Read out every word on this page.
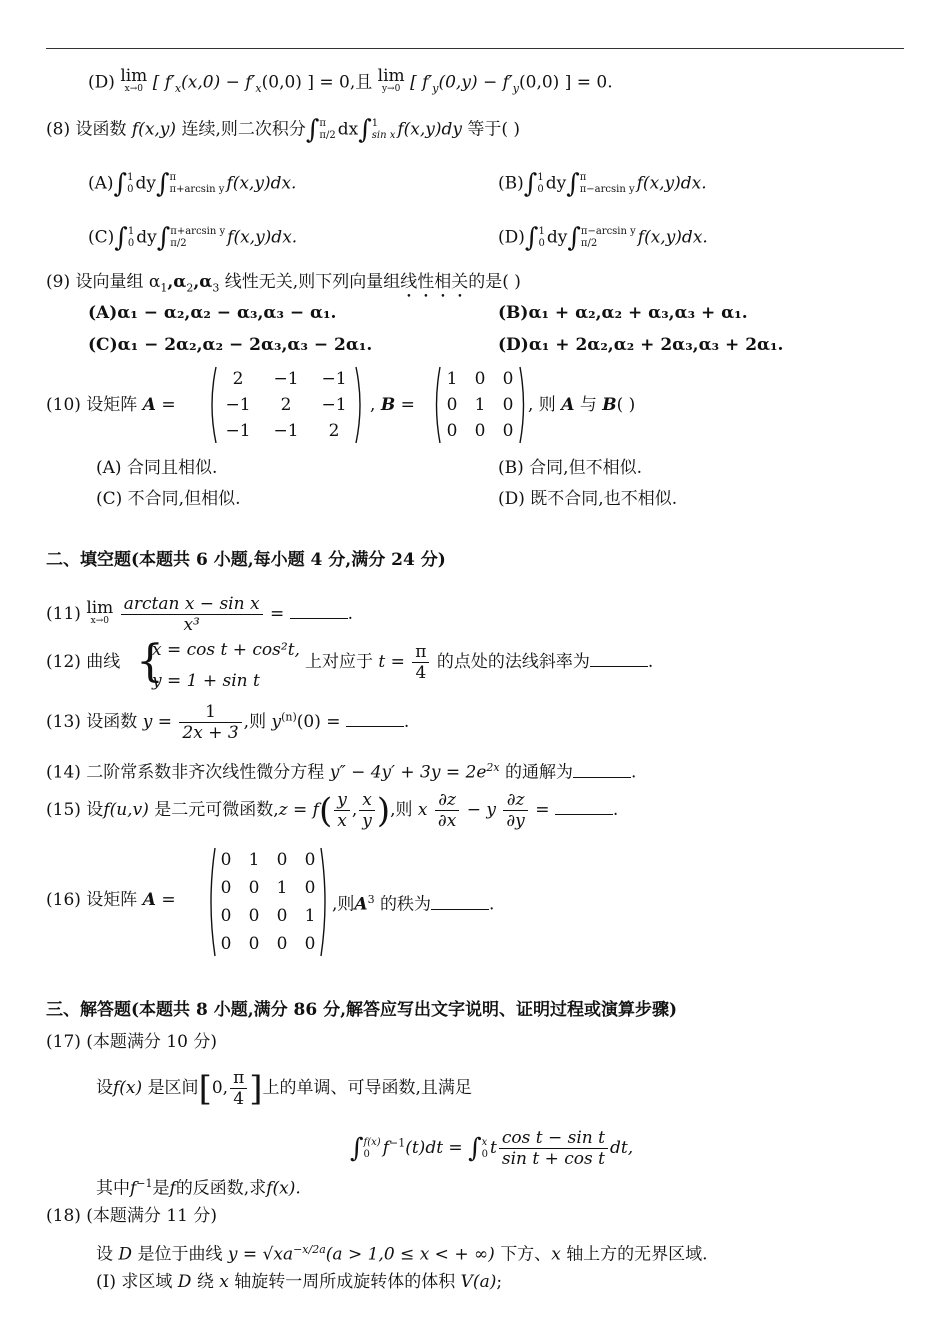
(D) lim
x→0 [ $f'_x(x,0) - f'_x(0,0)$ ] = 0,且 lim
y→0 [ $f'_y(0,y) - f'_y(0,0)$ ] = 0.
(8) 设函数 f(x,y) 连续,则二次积分∫π
π/2 dx∫1
sin x f(x,y)dy 等于( )
(A)∫1
0 dy∫π
π+arcsin y f(x,y)dx.	(B)∫1
0 dy∫π
π−arcsin y f(x,y)dx.
(C)∫1
0 dy∫π+arcsin y
π/2 f(x,y)dx.	(D)∫1
0 dy∫π−arcsin y
π/2 f(x,y)dx.
(9) 设向量组 $\alpha_1,\alpha_2,\alpha_3$ 线性无关,则下列向量组线性相关的是( )
(A)α₁ − α₂,α₂ − α₃,α₃ − α₁.	(B)α₁ + α₂,α₂ + α₃,α₃ + α₁.
(C)α₁ − 2α₂,α₂ − 2α₃,α₃ − 2α₁.	(D)α₁ + 2α₂,α₂ + 2α₃,α₃ + 2α₁.
(10) 设矩阵 A =
2	−1	−1
−1	2	−1
−1	−1	2
, B =
1	0	0
0	1	0
0	0	0
, 则 A 与 B( )
(A) 合同且相似.	(B) 合同,但不相似.
(C) 不合同,但相似.	(D) 既不合同,也不相似.
二、填空题(本题共 6 小题,每小题 4 分,满分 24 分)
(11) lim
x→0
$\frac{\text{arctan x − sin x}}{\text{x³}}$ =	.
(12) 曲线 {
x = cos t + cos²t,
y = 1 + sin t
上对应于 $t = \frac{\pi}{4}$ 的点处的法线斜率为	.
(13) 设函数 $y = \frac{1}{2x + 3}$ ,则 $y^{(n)}(0)$ =	.
(14) 二阶常系数非齐次线性微分方程 $y'' - 4y' + 3y = 2e^{2x}$ 的通解为	.
(15) 设f(u,v) 是二元可微函数$,z = f( \frac{y}{x}$ , $\frac{x}{y}$ ),则 x $\frac{\partial z}{\partial x} - y \frac{\partial z}{\partial y}$ =	.
(16) 设矩阵 A =
0	1	0	0
0	0	1	0
0	0	0	1
0	0	0	0
,则$A^3$ 的秩为	.
三、解答题(本题共 8 小题,满分 86 分,解答应写出文字说明、证明过程或演算步骤)
(17) (本题满分 10 分)
设f(x) 是区间[0, $\frac{\pi}{4}$ ]上的单调、可导函数,且满足
∫f(x)
0 $f^{-1}(t)dt = \int x$
0 t $\frac{\text{cos t − sin t}}{\text{sin t + cos t}}$ dt,
其中$f^{-1}$是f的反函数,求f(x).
(18) (本题满分 11 分)
设 D 是位于曲线 $y = √xa^{-x/2a}(a > 1,0 \le x$ < + ∞) 下方、x 轴上方的无界区域.
(Ⅰ) 求区域 D 绕 x 轴旋转一周所成旋转体的体积 V(a);
